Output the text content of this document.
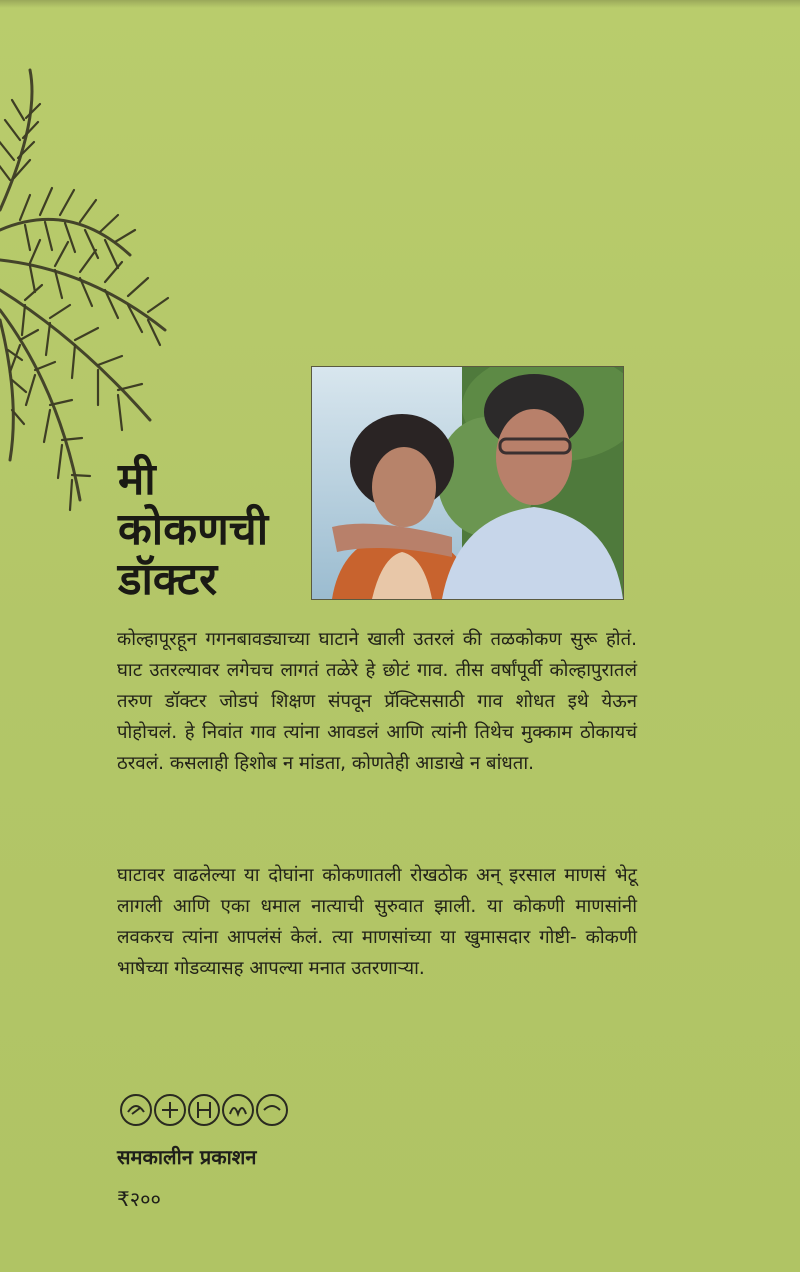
मी
कोकणची
डॉक्टर
कोल्हापूरहून गगनबावड्याच्या घाटाने खाली उतरलं की तळकोकण सुरू होतं. घाट उतरल्यावर लगेचच लागतं तळेरे हे छोटं गाव. तीस वर्षांपूर्वी कोल्हापुरातलं तरुण डॉक्टर जोडपं शिक्षण संपवून प्रॅक्टिससाठी गाव शोधत इथे येऊन पोहोचलं. हे निवांत गाव त्यांना आवडलं आणि त्यांनी तिथेच मुक्काम ठोकायचं ठरवलं. कसलाही हिशोब न मांडता, कोणतेही आडाखे न बांधता.
घाटावर वाढलेल्या या दोघांना कोकणातली रोखठोक अन् इरसाल माणसं भेटू लागली आणि एका धमाल नात्याची सुरुवात झाली. या कोकणी माणसांनी लवकरच त्यांना आपलंसं केलं. त्या माणसांच्या या खुमासदार गोष्टी- कोकणी भाषेच्या गोडव्यासह आपल्या मनात उतरणाऱ्या.
समकालीन प्रकाशन
₹२००
